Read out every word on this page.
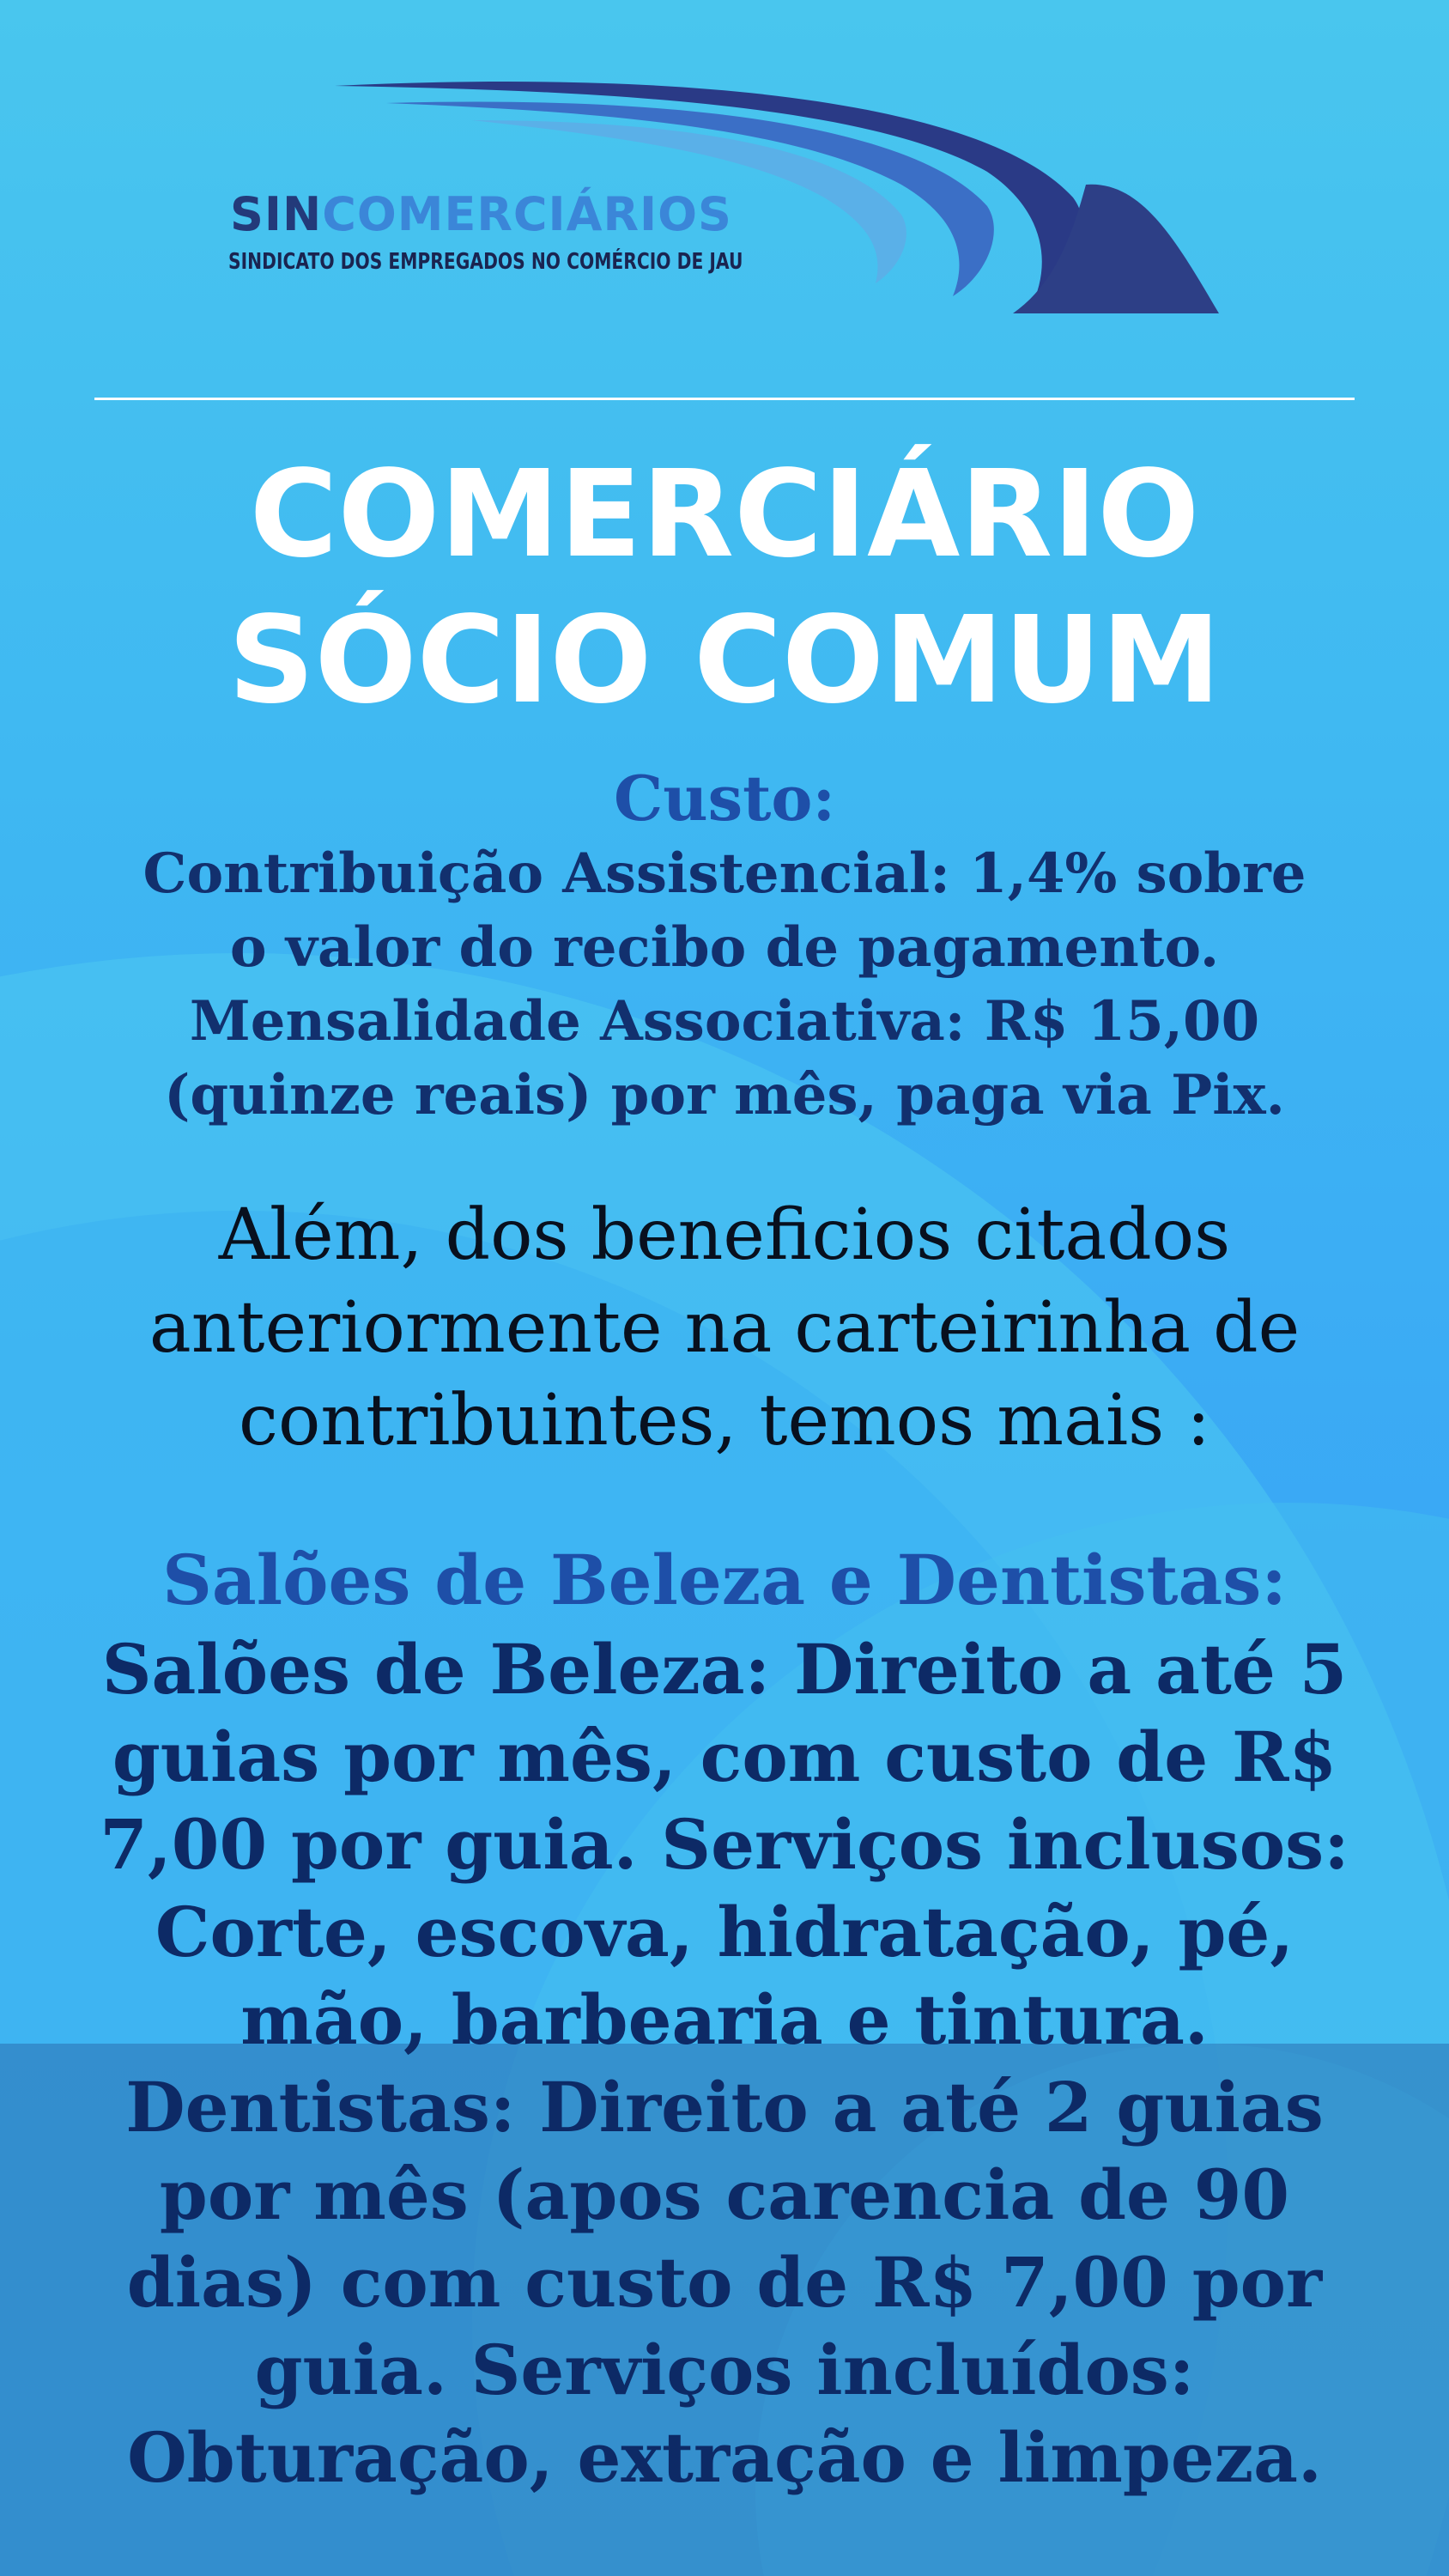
SINCOMERCIÁRIOS
SINDICATO DOS EMPREGADOS NO COMÉRCIO DE JAU
COMERCIÁRIO
SÓCIO COMUM
Custo:
Contribuição Assistencial: 1,4% sobre
o valor do recibo de pagamento.
Mensalidade Associativa: R$ 15,00
(quinze reais) por mês, paga via Pix.
Além, dos beneficios citados
anteriormente na carteirinha de
contribuintes, temos mais :
Salões de Beleza e Dentistas:
Salões de Beleza: Direito a até 5
guias por mês, com custo de R$
7,00 por guia. Serviços inclusos:
Corte, escova, hidratação, pé,
mão, barbearia e tintura.
Dentistas: Direito a até 2 guias
por mês (apos carencia de 90
dias) com custo de R$ 7,00 por
guia. Serviços incluídos:
Obturação, extração e limpeza.
